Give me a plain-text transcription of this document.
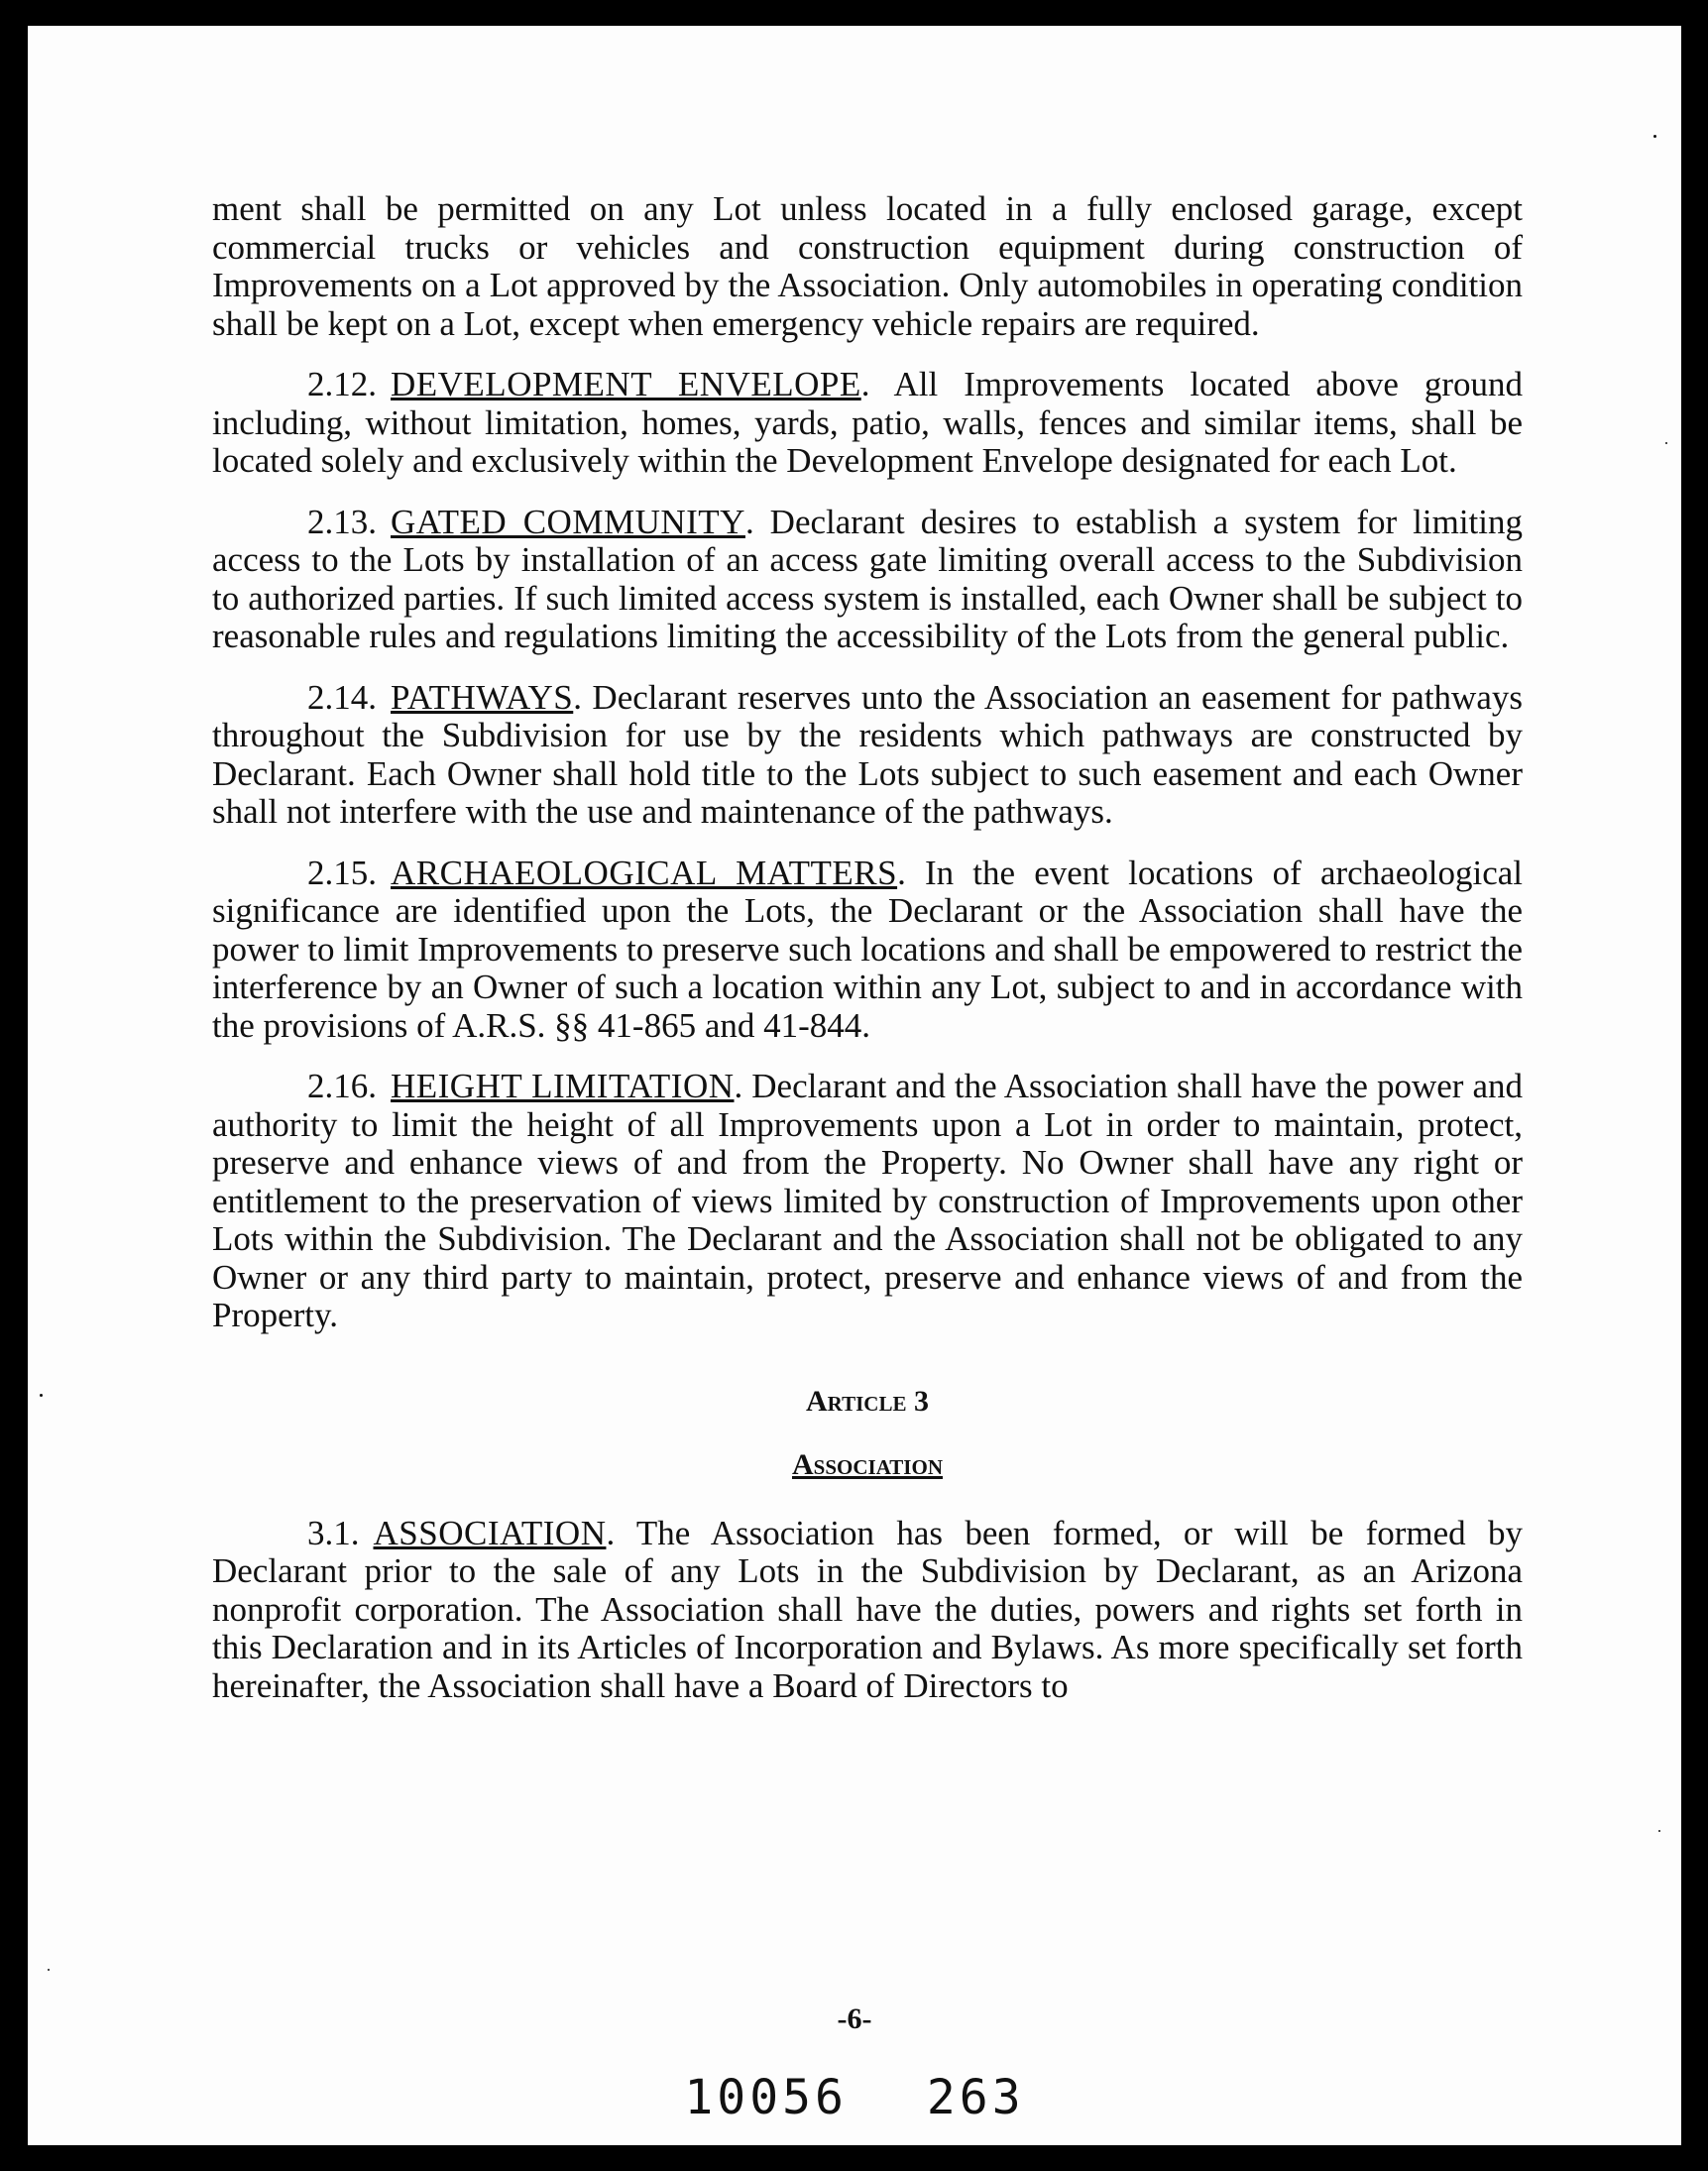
ment shall be permitted on any Lot unless located in a fully enclosed garage, except commercial trucks or vehicles and construction equipment during construction of Improvements on a Lot approved by the Association. Only automobiles in operating condition shall be kept on a Lot, except when emergency vehicle repairs are required.

2.12. DEVELOPMENT ENVELOPE. All Improvements located above ground including, without limitation, homes, yards, patio, walls, fences and similar items, shall be located solely and exclusively within the Development Envelope designated for each Lot.

2.13. GATED COMMUNITY. Declarant desires to establish a system for limiting access to the Lots by installation of an access gate limiting overall access to the Subdivision to authorized parties. If such limited access system is installed, each Owner shall be subject to reasonable rules and regulations limiting the accessibility of the Lots from the general public.

2.14. PATHWAYS. Declarant reserves unto the Association an easement for pathways throughout the Subdivision for use by the residents which pathways are constructed by Declarant. Each Owner shall hold title to the Lots subject to such easement and each Owner shall not interfere with the use and maintenance of the pathways.

2.15. ARCHAEOLOGICAL MATTERS. In the event locations of archaeological significance are identified upon the Lots, the Declarant or the Association shall have the power to limit Improvements to preserve such locations and shall be empowered to restrict the interference by an Owner of such a location within any Lot, subject to and in accordance with the provisions of A.R.S. §§ 41-865 and 41-844.

2.16. HEIGHT LIMITATION. Declarant and the Association shall have the power and authority to limit the height of all Improvements upon a Lot in order to maintain, protect, preserve and enhance views of and from the Property. No Owner shall have any right or entitlement to the preservation of views limited by construction of Improvements upon other Lots within the Subdivision. The Declarant and the Association shall not be obligated to any Owner or any third party to maintain, protect, preserve and enhance views of and from the Property.

Article 3
Association

3.1. ASSOCIATION. The Association has been formed, or will be formed by Declarant prior to the sale of any Lots in the Subdivision by Declarant, as an Arizona nonprofit corporation. The Association shall have the duties, powers and rights set forth in this Declaration and in its Articles of Incorporation and Bylaws. As more specifically set forth hereinafter, the Association shall have a Board of Directors to

-6-
10056 263
